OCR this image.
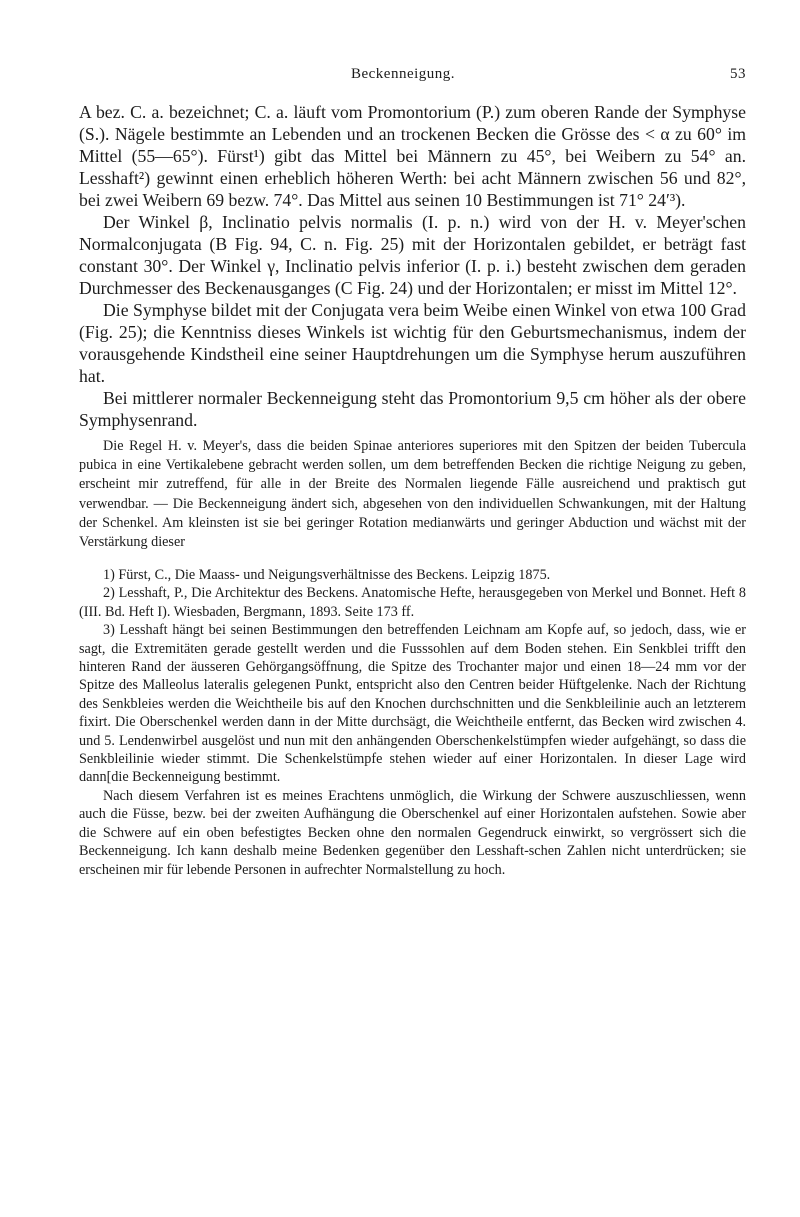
Beckenneigung.	53

A bez. C. a. bezeichnet; C. a. läuft vom Promontorium (P.) zum oberen Rande der Symphyse (S.). Nägele bestimmte an Lebenden und an trockenen Becken die Grösse des < α zu 60° im Mittel (55—65°). Fürst¹) gibt das Mittel bei Männern zu 45°, bei Weibern zu 54° an. Lesshaft²) gewinnt einen erheblich höheren Werth: bei acht Männern zwischen 56 und 82°, bei zwei Weibern 69 bezw. 74°. Das Mittel aus seinen 10 Bestimmungen ist 71° 24′³).

Der Winkel β, Inclinatio pelvis normalis (I. p. n.) wird von der H. v. Meyer'schen Normalconjugata (B Fig. 94, C. n. Fig. 25) mit der Horizontalen gebildet, er beträgt fast constant 30°. Der Winkel γ, Inclinatio pelvis inferior (I. p. i.) besteht zwischen dem geraden Durchmesser des Beckenausganges (C Fig. 24) und der Horizontalen; er misst im Mittel 12°.

Die Symphyse bildet mit der Conjugata vera beim Weibe einen Winkel von etwa 100 Grad (Fig. 25); die Kenntniss dieses Winkels ist wichtig für den Geburtsmechanismus, indem der vorausgehende Kindstheil eine seiner Hauptdrehungen um die Symphyse herum auszuführen hat.

Bei mittlerer normaler Beckenneigung steht das Promontorium 9,5 cm höher als der obere Symphysenrand.

Die Regel H. v. Meyer's, dass die beiden Spinae anteriores superiores mit den Spitzen der beiden Tubercula pubica in eine Vertikalebene gebracht werden sollen, um dem betreffenden Becken die richtige Neigung zu geben, erscheint mir zutreffend, für alle in der Breite des Normalen liegende Fälle ausreichend und praktisch gut verwendbar. — Die Beckenneigung ändert sich, abgesehen von den individuellen Schwankungen, mit der Haltung der Schenkel. Am kleinsten ist sie bei geringer Rotation medianwärts und geringer Abduction und wächst mit der Verstärkung dieser

1) Fürst, C., Die Maass- und Neigungsverhältnisse des Beckens. Leipzig 1875.

2) Lesshaft, P., Die Architektur des Beckens. Anatomische Hefte, herausgegeben von Merkel und Bonnet. Heft 8 (III. Bd. Heft I). Wiesbaden, Bergmann, 1893. Seite 173 ff.

3) Lesshaft hängt bei seinen Bestimmungen den betreffenden Leichnam am Kopfe auf, so jedoch, dass, wie er sagt, die Extremitäten gerade gestellt werden und die Fusssohlen auf dem Boden stehen. Ein Senkblei trifft den hinteren Rand der äusseren Gehörgangsöffnung, die Spitze des Trochanter major und einen 18—24 mm vor der Spitze des Malleolus lateralis gelegenen Punkt, entspricht also den Centren beider Hüftgelenke. Nach der Richtung des Senkbleies werden die Weichtheile bis auf den Knochen durchschnitten und die Senkbleilinie auch an letzterem fixirt. Die Oberschenkel werden dann in der Mitte durchsägt, die Weichtheile entfernt, das Becken wird zwischen 4. und 5. Lendenwirbel ausgelöst und nun mit den anhängenden Oberschenkelstümpfen wieder aufgehängt, so dass die Senkbleilinie wieder stimmt. Die Schenkelstümpfe stehen wieder auf einer Horizontalen. In dieser Lage wird dann[die Beckenneigung bestimmt.

Nach diesem Verfahren ist es meines Erachtens unmöglich, die Wirkung der Schwere auszuschliessen, wenn auch die Füsse, bezw. bei der zweiten Aufhängung die Oberschenkel auf einer Horizontalen aufstehen. Sowie aber die Schwere auf ein oben befestigtes Becken ohne den normalen Gegendruck einwirkt, so vergrössert sich die Beckenneigung. Ich kann deshalb meine Bedenken gegenüber den Lesshaft-schen Zahlen nicht unterdrücken; sie erscheinen mir für lebende Personen in aufrechter Normalstellung zu hoch.
